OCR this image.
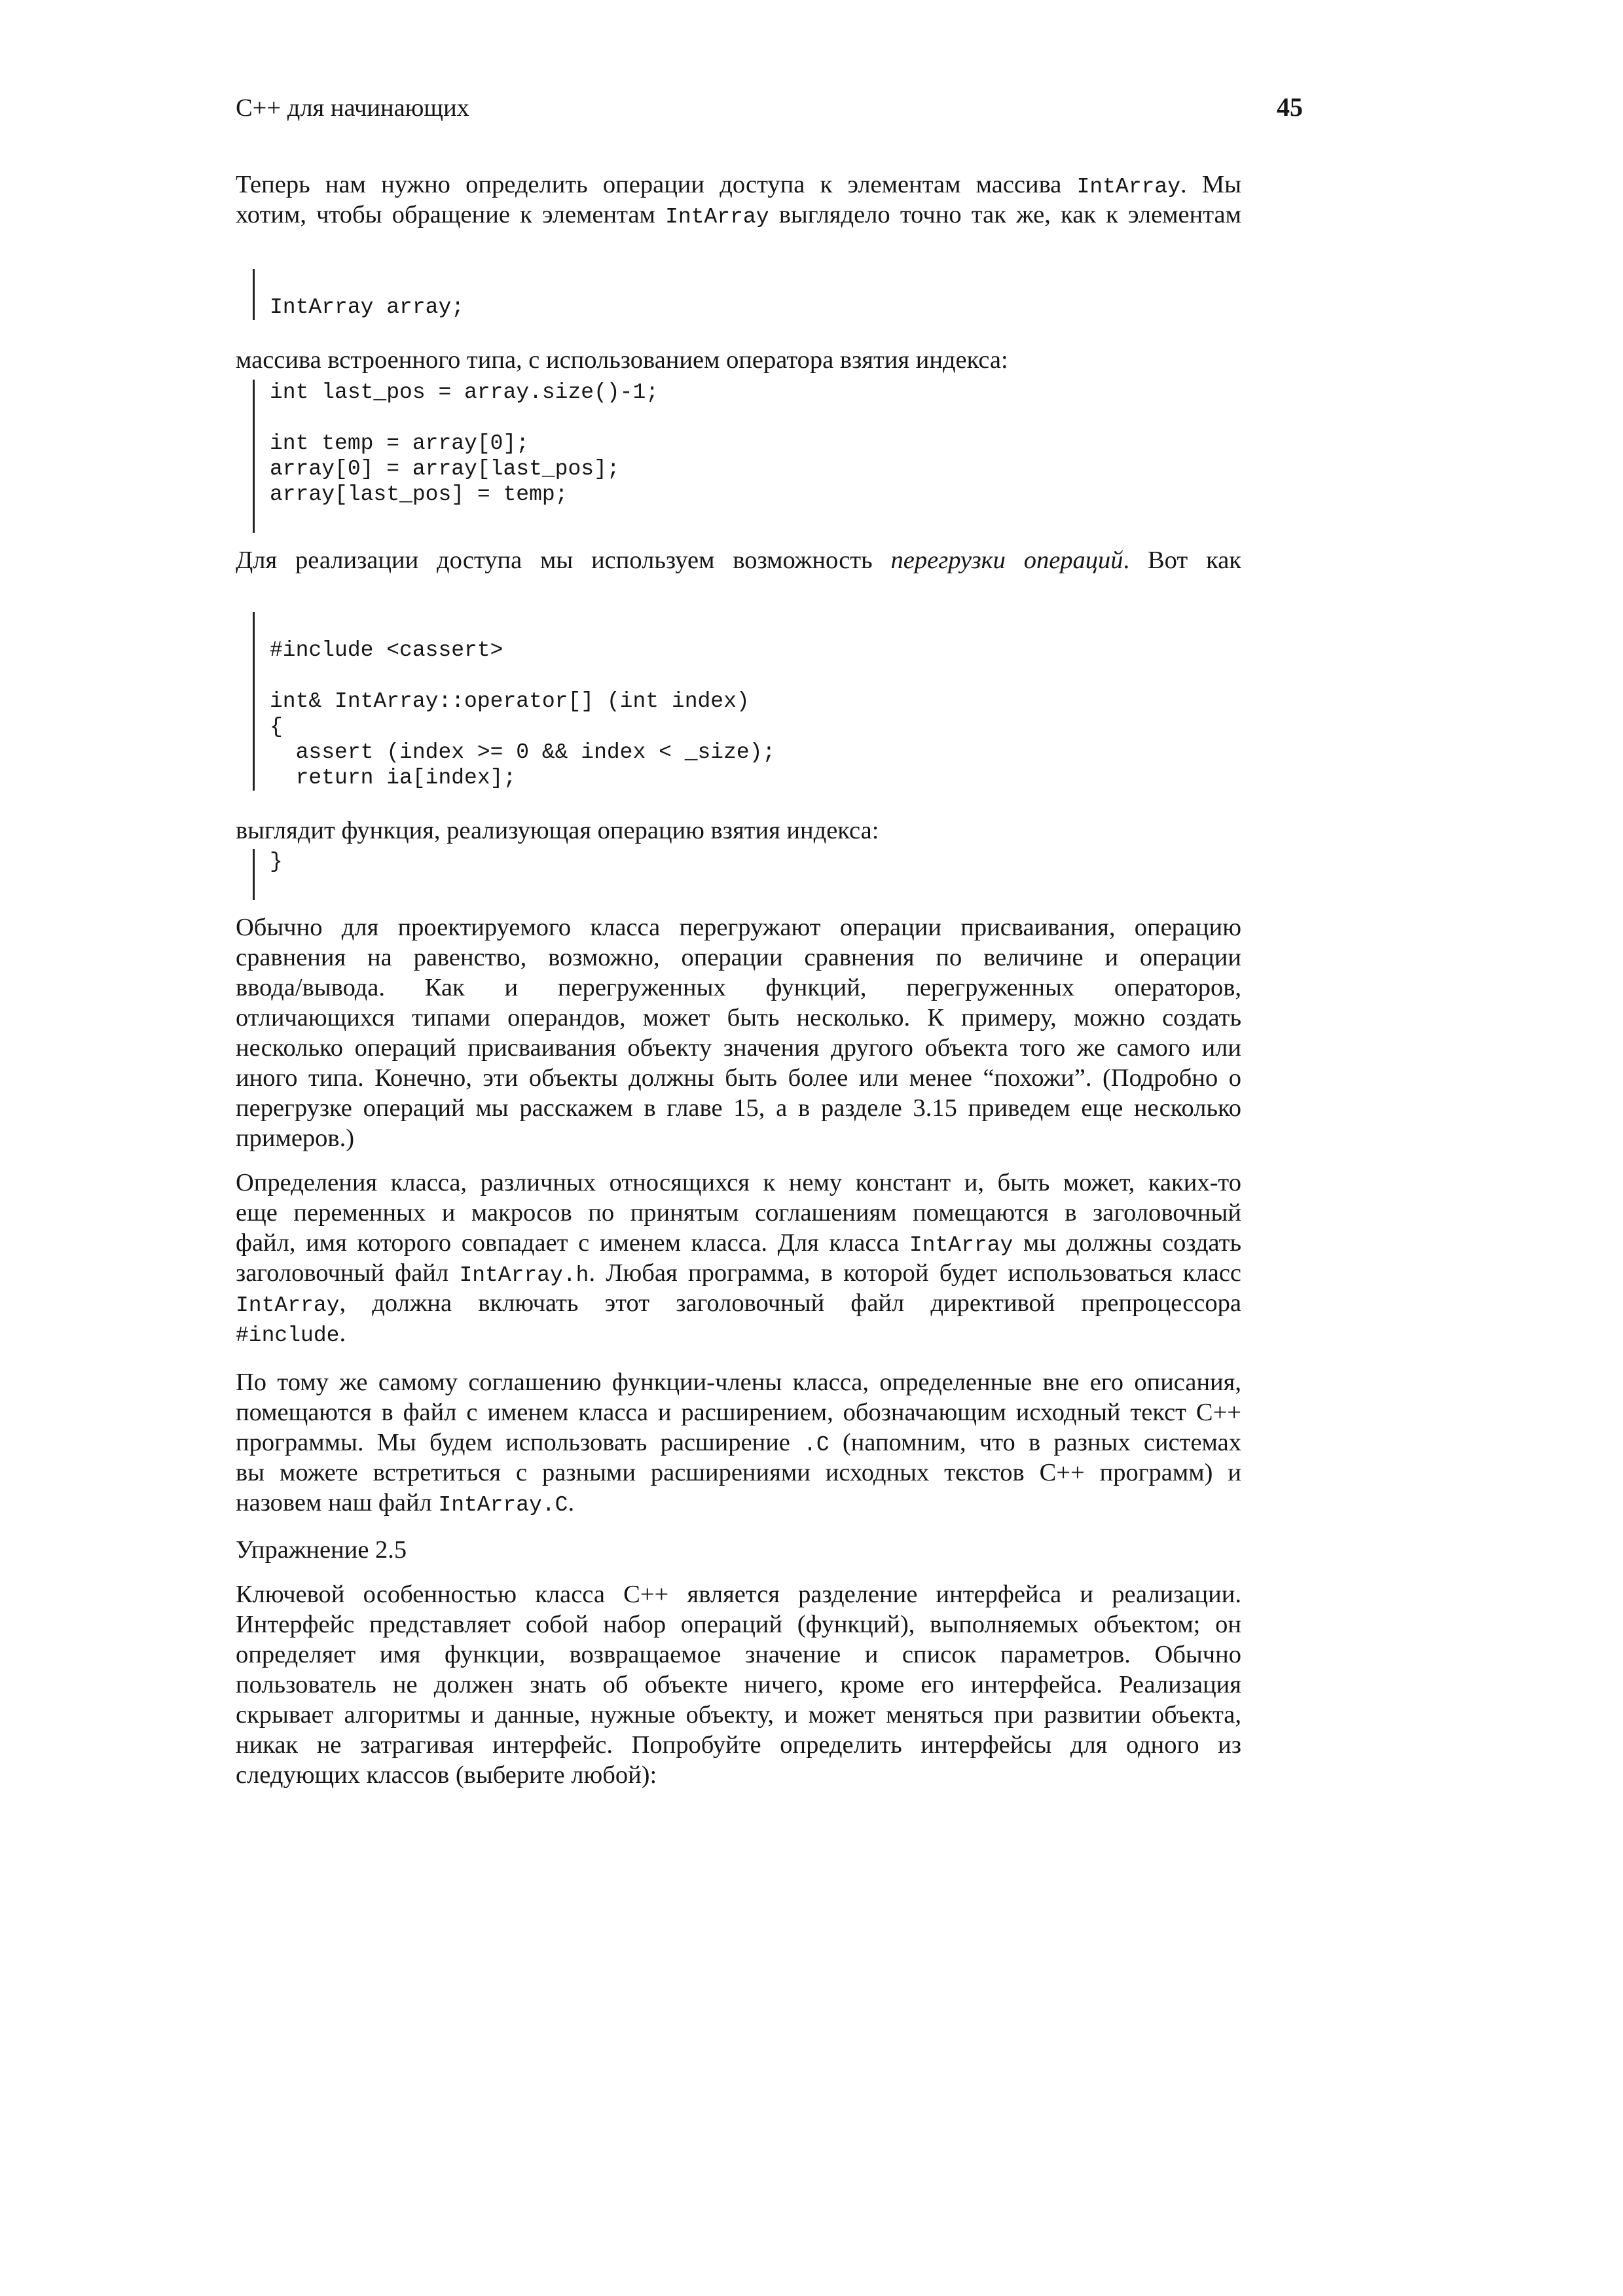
C++ для начинающих	45
Теперь нам нужно определить операции доступа к элементам массива IntArray. Мы
хотим, чтобы обращение к элементам IntArray выглядело точно так же, как к элементам
IntArray array;
массива встроенного типа, с использованием оператора взятия индекса:
int last_pos = array.size()-1;
int temp = array[0];
array[0] = array[last_pos];
array[last_pos] = temp;
Для реализации доступа мы используем возможность перегрузки операций. Вот как
#include <cassert>
int& IntArray::operator[] (int index)
{
assert (index >= 0 && index < _size);
return ia[index];
выглядит функция, реализующая операцию взятия индекса:
}
Обычно для проектируемого класса перегружают операции присваивания, операцию
сравнения на равенство, возможно, операции сравнения по величине и операции
ввода/вывода. Как и перегруженных функций, перегруженных операторов,
отличающихся типами операндов, может быть несколько. К примеру, можно создать
несколько операций присваивания объекту значения другого объекта того же самого или
иного типа. Конечно, эти объекты должны быть более или менее “похожи”. (Подробно о
перегрузке операций мы расскажем в главе 15, а в разделе 3.15 приведем еще несколько
примеров.)
Определения класса, различных относящихся к нему констант и, быть может, каких-то
еще переменных и макросов по принятым соглашениям помещаются в заголовочный
файл, имя которого совпадает с именем класса. Для класса IntArray мы должны создать
заголовочный файл IntArray.h. Любая программа, в которой будет использоваться класс
IntArray, должна включать этот заголовочный файл директивой препроцессора
#include.
По тому же самому соглашению функции-члены класса, определенные вне его описания,
помещаются в файл с именем класса и расширением, обозначающим исходный текст C++
программы. Мы будем использовать расширение .C (напомним, что в разных системах
вы можете встретиться с разными расширениями исходных текстов C++ программ) и
назовем наш файл IntArray.C.
Упражнение 2.5
Ключевой особенностью класса C++ является разделение интерфейса и реализации.
Интерфейс представляет собой набор операций (функций), выполняемых объектом; он
определяет имя функции, возвращаемое значение и список параметров. Обычно
пользователь не должен знать об объекте ничего, кроме его интерфейса. Реализация
скрывает алгоритмы и данные, нужные объекту, и может меняться при развитии объекта,
никак не затрагивая интерфейс. Попробуйте определить интерфейсы для одного из
следующих классов (выберите любой):
